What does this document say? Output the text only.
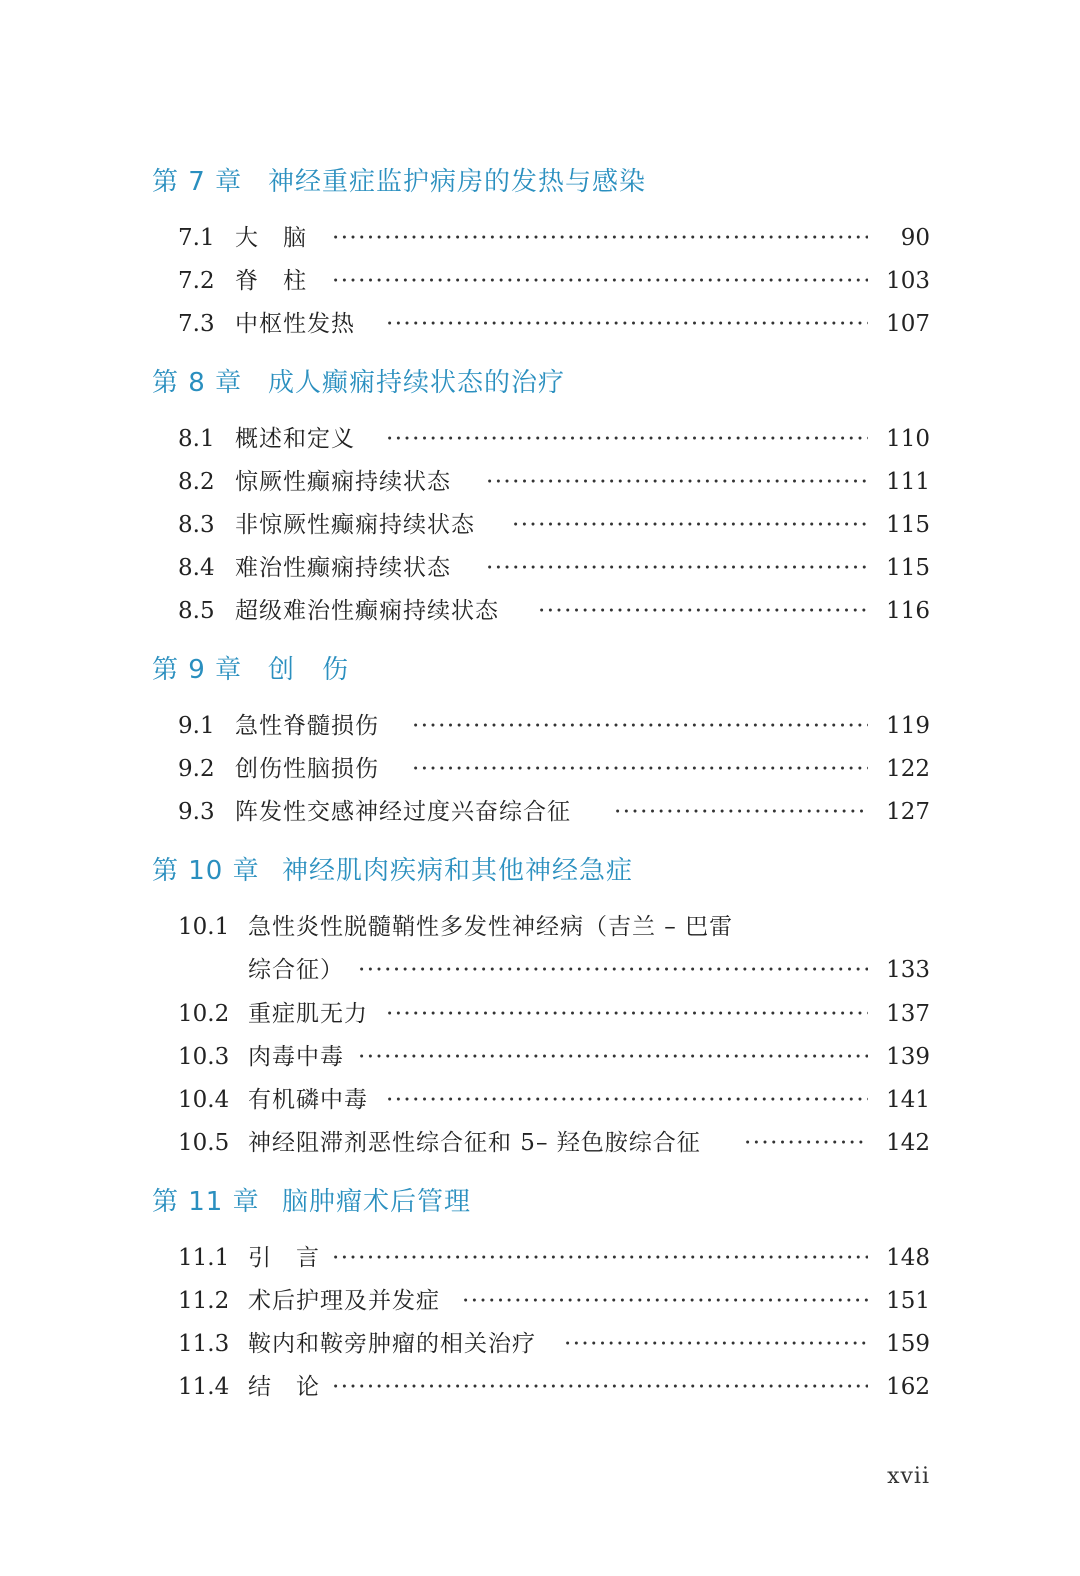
第 7 章 神经重症监护病房的发热与感染
7.1 大　脑 ·····	90
7.2 脊　柱 ·····	103
7.3 中枢性发热 ·····	107
第 8 章 成人癫痫持续状态的治疗
8.1 概述和定义 ·····	110
8.2 惊厥性癫痫持续状态 ·····	111
8.3 非惊厥性癫痫持续状态 ·····	115
8.4 难治性癫痫持续状态 ·····	115
8.5 超级难治性癫痫持续状态 ·····	116
第 9 章 创　伤
9.1 急性脊髓损伤 ·····	119
9.2 创伤性脑损伤 ·····	122
9.3 阵发性交感神经过度兴奋综合征 ·····	127
第 10 章 神经肌肉疾病和其他神经急症
10.1 急性炎性脱髓鞘性多发性神经病（吉兰 – 巴雷
综合征） ·····	133
10.2 重症肌无力 ·····	137
10.3 肉毒中毒 ·····	139
10.4 有机磷中毒 ·····	141
10.5 神经阻滞剂恶性综合征和 5– 羟色胺综合征 ·····	142
第 11 章 脑肿瘤术后管理
11.1 引　言 ·····	148
11.2 术后护理及并发症 ·····	151
11.3 鞍内和鞍旁肿瘤的相关治疗 ·····	159
11.4 结　论 ·····	162
xvii
